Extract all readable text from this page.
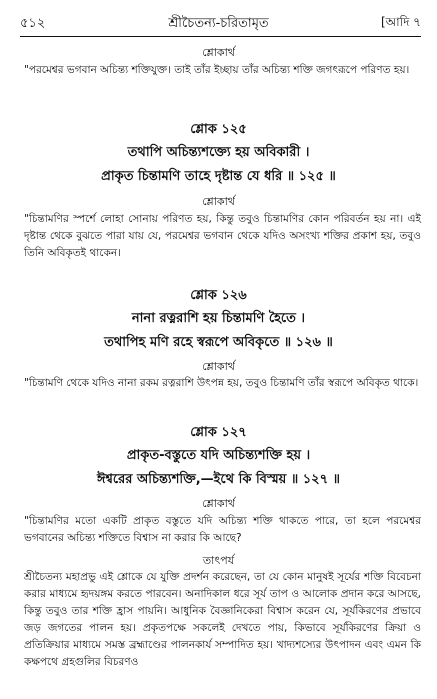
৫১২	শ্রীচৈতন্য-চরিতামৃত	[আদি ৭
শ্লোকার্থ
"পরমেশ্বর ভগবান অচিন্ত্য শক্তিযুক্ত। তাই তাঁর ইচ্ছায় তাঁর অচিন্ত্য শক্তি জগৎরূপে পরিণত হয়।
শ্লোক ১২৫
তথাপি অচিন্ত্যশক্ত্যে হয় অবিকারী ।
প্রাকৃত চিন্তামণি তাহে দৃষ্টান্ত যে ধরি ॥ ১২৫ ॥
শ্লোকার্থ
"চিন্তামণির স্পর্শে লোহা সোনায় পরিণত হয়, কিন্তু তবুও চিন্তামণির কোন পরিবর্তন হয় না। এই দৃষ্টান্ত থেকে বুঝতে পারা যায় যে, পরমেশ্বর ভগবান থেকে যদিও অসংখ্য শক্তির প্রকাশ হয়, তবুও তিনি অবিকৃতই থাকেন।
শ্লোক ১২৬
নানা রত্নরাশি হয় চিন্তামণি হৈতে ।
তথাপিহ মণি রহে স্বরূপে অবিকৃতে ॥ ১২৬ ॥
শ্লোকার্থ
"চিন্তামণি থেকে যদিও নানা রকম রত্নরাশি উৎপন্ন হয়, তবুও চিন্তামণি তাঁর স্বরূপে অবিকৃত থাকে।
শ্লোক ১২৭
প্রাকৃত-বস্তুতে যদি অচিন্ত্যশক্তি হয় ।
ঈশ্বরের অচিন্ত্যশক্তি,—ইথে কি বিস্ময় ॥ ১২৭ ॥
শ্লোকার্থ
"চিন্তামণির মতো একটি প্রাকৃত বস্তুতে যদি অচিন্ত্য শক্তি থাকতে পারে, তা হলে পরমেশ্বর ভগবানের অচিন্ত্য শক্তিতে বিশ্বাস না করার কি আছে?
তাৎপর্য
শ্রীচৈতন্য মহাপ্রভু এই শ্লোকে যে যুক্তি প্রদর্শন করেছেন, তা যে কোন মানুষই সূর্যের শক্তি বিবেচনা করার মাধ্যমে হৃদয়ঙ্গম করতে পারবেন। অনাদিকাল ধরে সূর্য তাপ ও আলোক প্রদান করে আসছে, কিন্তু তবুও তার শক্তি হ্রাস পায়নি। আধুনিক বৈজ্ঞানিকেরা বিশ্বাস করেন যে, সূর্যকিরণের প্রভাবে জড় জগতের পালন হয়। প্রকৃতপক্ষে সকলেই দেখতে পায়, কিভাবে সূর্যকিরণের ক্রিয়া ও প্রতিক্রিয়ার মাধ্যমে সমস্ত ব্রহ্মাণ্ডের পালনকার্য সম্পাদিত হয়। খাদ্যশস্যের উৎপাদন এবং এমন কি কক্ষপথে গ্রহগুলির বিচরণও
